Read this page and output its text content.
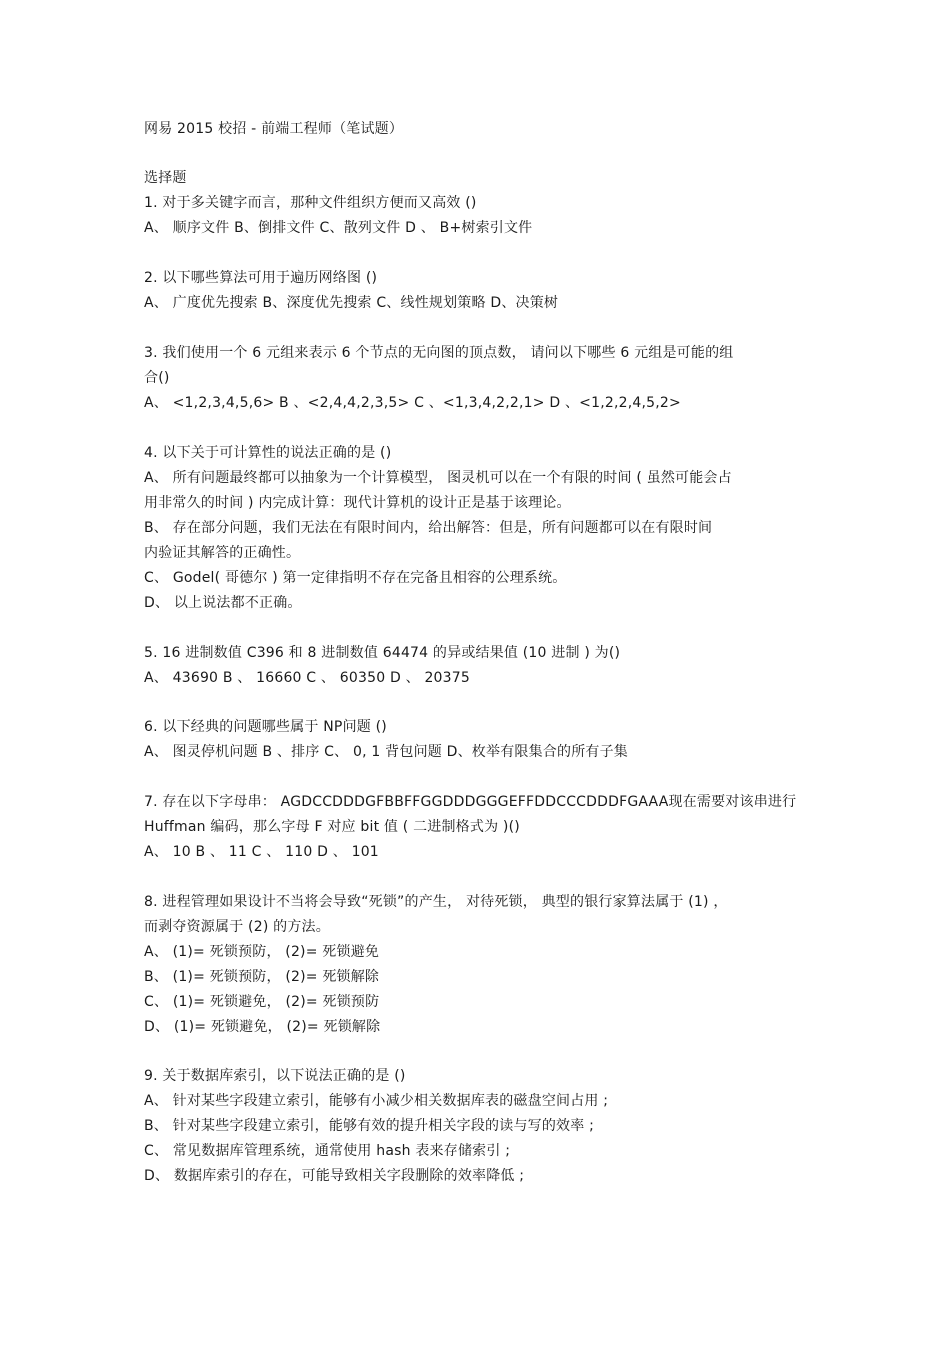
网易 2015 校招 - 前端工程师（笔试题）
选择题
1. 对于多关键字而言，那种文件组织方便而又高效 ()
A、 顺序文件 B、倒排文件 C、散列文件 D 、 B+树索引文件
2. 以下哪些算法可用于遍历网络图 ()
A、 广度优先搜索 B、深度优先搜索 C、线性规划策略 D、决策树
3. 我们使用一个 6 元组来表示 6 个节点的无向图的顶点数， 请问以下哪些 6 元组是可能的组
合()
A、 <1,2,3,4,5,6> B 、<2,4,4,2,3,5> C 、<1,3,4,2,2,1> D 、<1,2,2,4,5,2>
4. 以下关于可计算性的说法正确的是 ()
A、 所有问题最终都可以抽象为一个计算模型， 图灵机可以在一个有限的时间 ( 虽然可能会占
用非常久的时间 ) 内完成计算：现代计算机的设计正是基于该理论。
B、 存在部分问题，我们无法在有限时间内，给出解答：但是，所有问题都可以在有限时间
内验证其解答的正确性。
C、 Godel( 哥德尔 ) 第一定律指明不存在完备且相容的公理系统。
D、 以上说法都不正确。
5. 16 进制数值 C396 和 8 进制数值 64474 的异或结果值 (10 进制 ) 为()
A、 43690 B 、 16660 C 、 60350 D 、 20375
6. 以下经典的问题哪些属于 NP问题 ()
A、 图灵停机问题 B 、排序 C、 0, 1 背包问题 D、枚举有限集合的所有子集
7. 存在以下字母串： AGDCCDDDGFBBFFGGDDDGGGEFFDDCCCDDDFGAAA现在需要对该串进行
Huffman 编码，那么字母 F 对应 bit 值 ( 二进制格式为 )()
A、 10 B 、 11 C 、 110 D 、 101
8. 进程管理如果设计不当将会导致“死锁”的产生， 对待死锁， 典型的银行家算法属于 (1) ，
而剥夺资源属于 (2) 的方法。
A、 (1)= 死锁预防， (2)= 死锁避免
B、 (1)= 死锁预防， (2)= 死锁解除
C、 (1)= 死锁避免， (2)= 死锁预防
D、 (1)= 死锁避免， (2)= 死锁解除
9. 关于数据库索引，以下说法正确的是 ()
A、 针对某些字段建立索引，能够有小减少相关数据库表的磁盘空间占用 ;
B、 针对某些字段建立索引，能够有效的提升相关字段的读与写的效率 ;
C、 常见数据库管理系统，通常使用 hash 表来存储索引 ;
D、 数据库索引的存在，可能导致相关字段删除的效率降低 ;
